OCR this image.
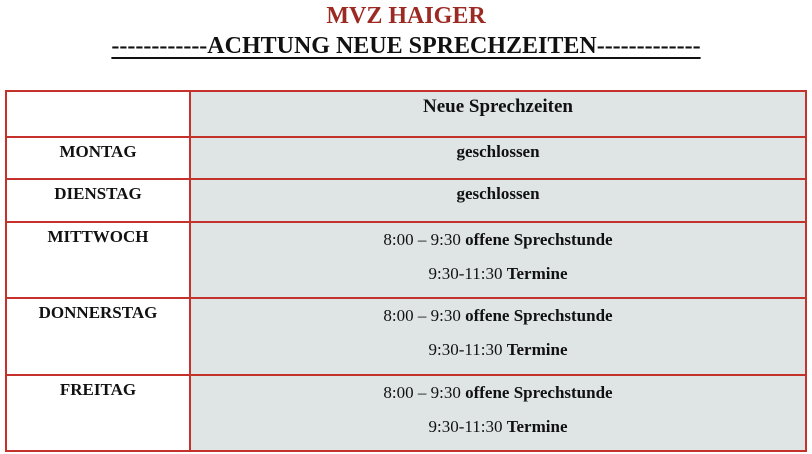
MVZ HAIGER
------------ACHTUNG NEUE SPRECHZEITEN-------------

	Neue Sprechzeiten

MONTAG	geschlossen

DIENSTAG	geschlossen

MITTWOCH	8:00 – 9:30 offene Sprechstunde
9:30-11:30 Termine

DONNERSTAG	8:00 – 9:30 offene Sprechstunde
9:30-11:30 Termine

FREITAG	8:00 – 9:30 offene Sprechstunde
9:30-11:30 Termine
